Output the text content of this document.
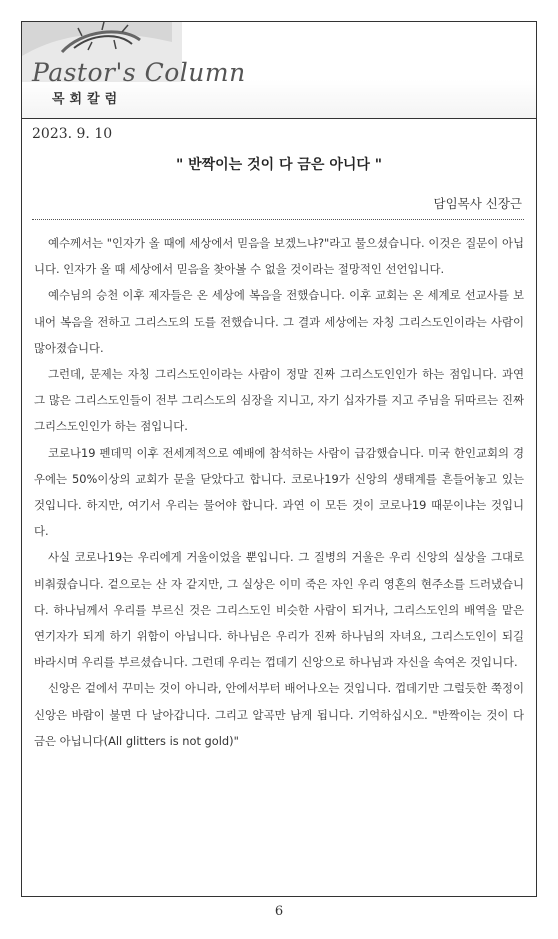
Pastor's Column
목회칼럼
2023. 9. 10
" 반짝이는 것이 다 금은 아니다 "
담임목사 신장근

예수께서는 "인자가 올 때에 세상에서 믿음을 보겠느냐?"라고 물으셨습니다. 이것은 질문이 아닙니다. 인자가 올 때 세상에서 믿음을 찾아볼 수 없을 것이라는 절망적인 선언입니다.

예수님의 승천 이후 제자들은 온 세상에 복음을 전했습니다. 이후 교회는 온 세계로 선교사를 보내어 복음을 전하고 그리스도의 도를 전했습니다. 그 결과 세상에는 자칭 그리스도인이라는 사람이 많아졌습니다.

그런데, 문제는 자칭 그리스도인이라는 사람이 정말 진짜 그리스도인인가 하는 점입니다. 과연 그 많은 그리스도인들이 전부 그리스도의 심장을 지니고, 자기 십자가를 지고 주님을 뒤따르는 진짜 그리스도인인가 하는 점입니다.

코로나19 펜데믹 이후 전세계적으로 예배에 참석하는 사람이 급감했습니다. 미국 한인교회의 경우에는 50%이상의 교회가 문을 닫았다고 합니다. 코로나19가 신앙의 생태계를 흔들어놓고 있는 것입니다. 하지만, 여기서 우리는 물어야 합니다. 과연 이 모든 것이 코로나19 때문이냐는 것입니다.

사실 코로나19는 우리에게 거울이었을 뿐입니다. 그 질병의 거울은 우리 신앙의 실상을 그대로 비춰줬습니다. 겉으로는 산 자 같지만, 그 실상은 이미 죽은 자인 우리 영혼의 현주소를 드러냈습니다. 하나님께서 우리를 부르신 것은 그리스도인 비슷한 사람이 되거나, 그리스도인의 배역을 맡은 연기자가 되게 하기 위함이 아닙니다. 하나님은 우리가 진짜 하나님의 자녀요, 그리스도인이 되길 바라시며 우리를 부르셨습니다. 그런데 우리는 껍데기 신앙으로 하나님과 자신을 속여온 것입니다.

신앙은 겉에서 꾸미는 것이 아니라, 안에서부터 배어나오는 것입니다. 껍데기만 그럴듯한 쭉정이 신앙은 바람이 불면 다 날아갑니다. 그리고 알곡만 남게 됩니다. 기억하십시오. "반짝이는 것이 다 금은 아닙니다(All glitters is not gold)"

6
